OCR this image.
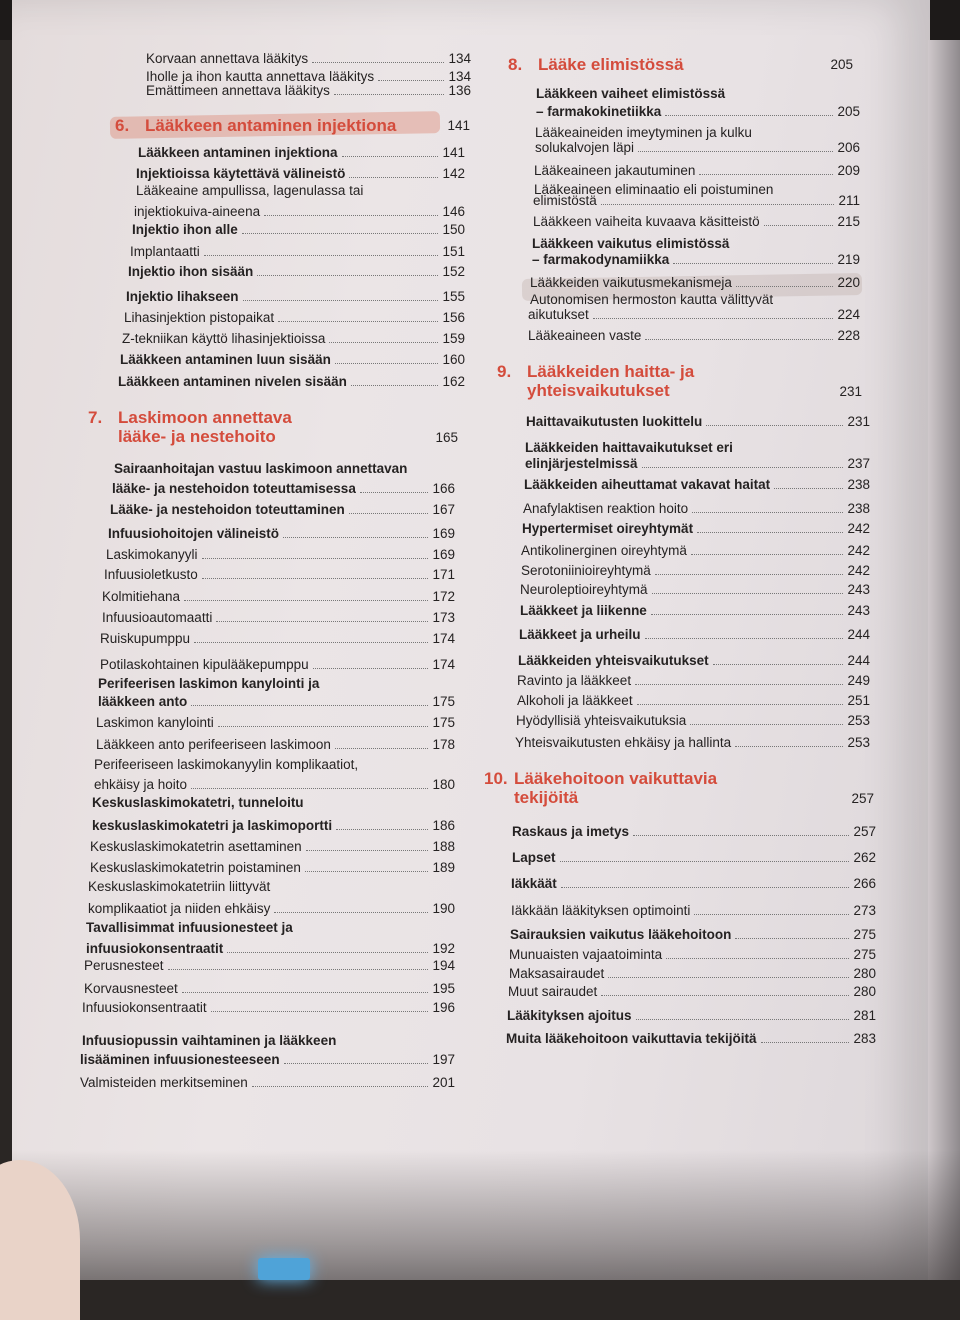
Korvaan annettava lääkitys	134
Iholle ja ihon kautta annettava lääkitys	134
Emättimeen annettava lääkitys	136
6. Lääkkeen antaminen injektiona	141
Lääkkeen antaminen injektiona	141
Injektioissa käytettävä välineistö	142
Lääkeaine ampullissa, lagenulassa tai
injektiokuiva-aineena	146
Injektio ihon alle	150
Implantaatti	151
Injektio ihon sisään	152
Injektio lihakseen	155
Lihasinjektion pistopaikat	156
Z-tekniikan käyttö lihasinjektioissa	159
Lääkkeen antaminen luun sisään	160
Lääkkeen antaminen nivelen sisään	162
7. Laskimoon annettava
lääke- ja nestehoito	165
Sairaanhoitajan vastuu laskimoon annettavan
lääke- ja nestehoidon toteuttamisessa	166
Lääke- ja nestehoidon toteuttaminen	167
Infuusiohoitojen välineistö	169
Laskimokanyyli	169
Infuusioletkusto	171
Kolmitiehana	172
Infuusioautomaatti	173
Ruiskupumppu	174
Potilaskohtainen kipulääkepumppu	174
Perifeerisen laskimon kanylointi ja
lääkkeen anto	175
Laskimon kanylointi	175
Lääkkeen anto perifeeriseen laskimoon	178
Perifeeriseen laskimokanyylin komplikaatiot,
ehkäisy ja hoito	180
Keskuslaskimokatetri, tunneloitu
keskuslaskimokatetri ja laskimoportti	186
Keskuslaskimokatetrin asettaminen	188
Keskuslaskimokatetrin poistaminen	189
Keskuslaskimokatetriin liittyvät
komplikaatiot ja niiden ehkäisy	190
Tavallisimmat infuusionesteet ja
infuusiokonsentraatit	192
Perusnesteet	194
Korvausnesteet	195
Infuusiokonsentraatit	196
Infuusiopussin vaihtaminen ja lääkkeen
lisääminen infuusionesteeseen	197
Valmisteiden merkitseminen	201
8. Lääke elimistössä	205
Lääkkeen vaiheet elimistössä
– farmakokinetiikka	205
Lääkeaineiden imeytyminen ja kulku
solukalvojen läpi	206
Lääkeaineen jakautuminen	209
Lääkeaineen eliminaatio eli poistuminen
elimistöstä	211
Lääkkeen vaiheita kuvaava käsitteistö	215
Lääkkeen vaikutus elimistössä
– farmakodynamiikka	219
Lääkkeiden vaikutusmekanismeja	220
Autonomisen hermoston kautta välittyvät
aikutukset	224
Lääkeaineen vaste	228
9. Lääkkeiden haitta- ja
yhteisvaikutukset	231
Haittavaikutusten luokittelu	231
Lääkkeiden haittavaikutukset eri
elinjärjestelmissä	237
Lääkkeiden aiheuttamat vakavat haitat	238
Anafylaktisen reaktion hoito	238
Hypertermiset oireyhtymät	242
Antikolinerginen oireyhtymä	242
Serotoniinioireyhtymä	242
Neuroleptioireyhtymä	243
Lääkkeet ja liikenne	243
Lääkkeet ja urheilu	244
Lääkkeiden yhteisvaikutukset	244
Ravinto ja lääkkeet	249
Alkoholi ja lääkkeet	251
Hyödyllisiä yhteisvaikutuksia	253
Yhteisvaikutusten ehkäisy ja hallinta	253
10. Lääkehoitoon vaikuttavia
tekijöitä	257
Raskaus ja imetys	257
Lapset	262
Iäkkäät	266
Iäkkään lääkityksen optimointi	273
Sairauksien vaikutus lääkehoitoon	275
Munuaisten vajaatoiminta	275
Maksasairaudet	280
Muut sairaudet	280
Lääkityksen ajoitus	281
Muita lääkehoitoon vaikuttavia tekijöitä	283
